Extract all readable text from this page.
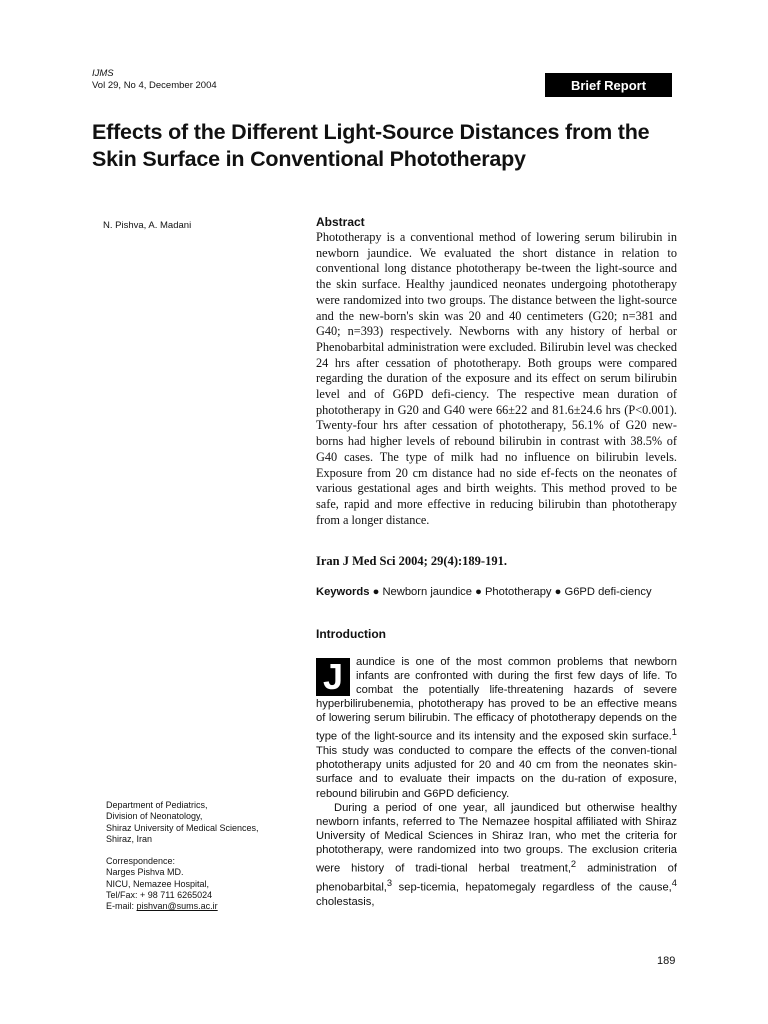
IJMS
Vol 29, No 4, December 2004	Brief Report
Effects of the Different Light-Source Distances from the Skin Surface in Conventional Phototherapy
N. Pishva, A. Madani	Abstract

Phototherapy is a conventional method of lowering serum bilirubin in newborn jaundice. We evaluated the short distance in relation to conventional long distance phototherapy be-tween the light-source and the skin surface. Healthy jaundiced neonates undergoing phototherapy were randomized into two groups. The distance between the light-source and the new-born's skin was 20 and 40 centimeters (G20; n=381 and G40; n=393) respectively. Newborns with any history of herbal or Phenobarbital administration were excluded. Bilirubin level was checked 24 hrs after cessation of phototherapy. Both groups were compared regarding the duration of the exposure and its effect on serum bilirubin level and of G6PD defi-ciency. The respective mean duration of phototherapy in G20 and G40 were 66±22 and 81.6±24.6 hrs (P<0.001). Twenty-four hrs after cessation of phototherapy, 56.1% of G20 new-borns had higher levels of rebound bilirubin in contrast with 38.5% of G40 cases. The type of milk had no influence on bilirubin levels. Exposure from 20 cm distance had no side ef-fects on the neonates of various gestational ages and birth weights. This method proved to be safe, rapid and more effective in reducing bilirubin than phototherapy from a longer distance.

Iran J Med Sci 2004; 29(4):189-191.
Keywords ● Newborn jaundice ● Phototherapy ● G6PD defi-ciency
Introduction

J	aundice is one of the most common problems that newborn infants are confronted with during the first few days of life. To combat the potentially life-threatening hazards of severe hyperbilirubenemia, phototherapy has proved to be an effective means of lowering serum bilirubin. The efficacy of phototherapy depends on the type of the light-source and its intensity and the exposed skin surface.$^1$ This study was conducted to compare the effects of the conven-tional phototherapy units adjusted for 20 and 40 cm from the neonates skin-surface and to evaluate their impacts on the du-ration of exposure, rebound bilirubin and G6PD deficiency.

During a period of one year, all jaundiced but otherwise healthy newborn infants, referred to The Nemazee hospital affiliated with Shiraz University of Medical Sciences in Shiraz Iran, who met the criteria for phototherapy, were randomized into two groups. The exclusion criteria were history of tradi-tional herbal treatment,$^2$ administration of phenobarbital,$^3$ sep-ticemia, hepatomegaly regardless of the cause,$^4$ cholestasis,

Department of Pediatrics,
Division of Neonatology,
Shiraz University of Medical Sciences,
Shiraz, Iran
Correspondence:
Narges Pishva MD.
NICU, Nemazee Hospital,
Tel/Fax: + 98 711 6265024
E-mail: pishvan@sums.ac.ir
189
